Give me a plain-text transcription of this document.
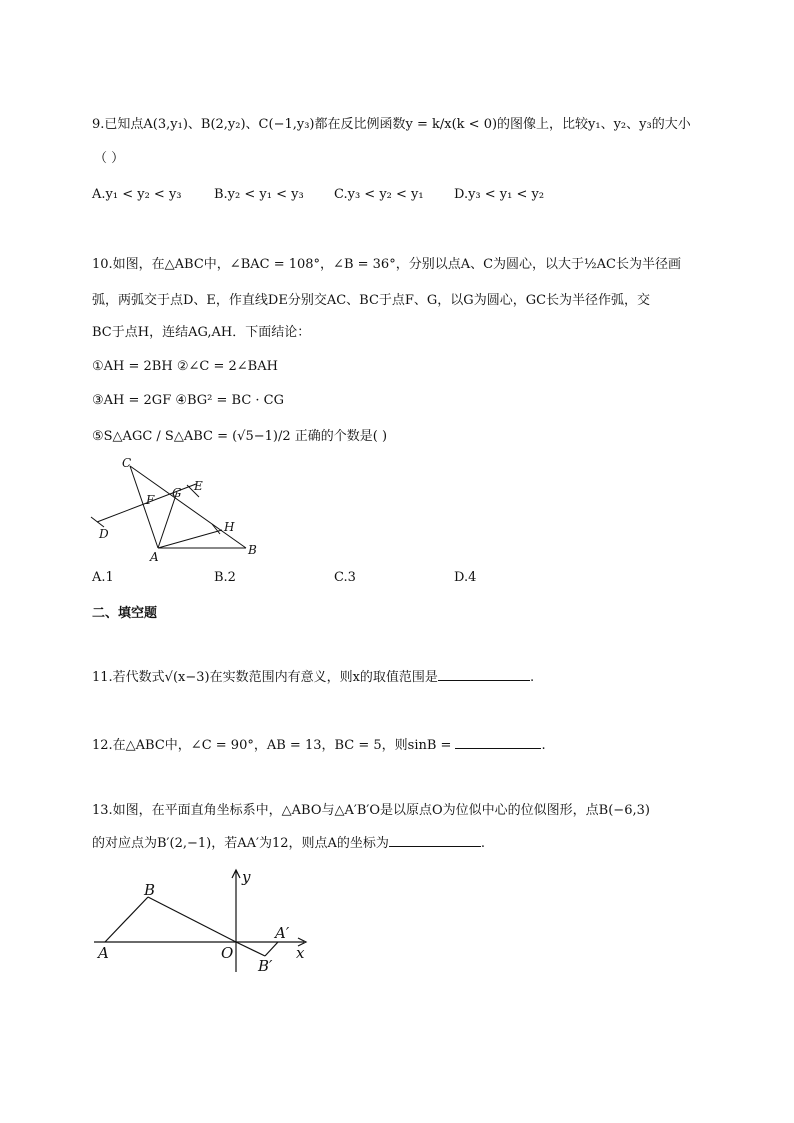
9.已知点A(3,y₁)、B(2,y₂)、C(−1,y₃)都在反比例函数y = k/x(k < 0)的图像上，比较y₁、y₂、y₃的大小
（ ）
A.y₁ < y₂ < y₃ B.y₂ < y₁ < y₃ C.y₃ < y₂ < y₁ D.y₃ < y₁ < y₂
10.如图，在△ABC中，∠BAC = 108°，∠B = 36°，分别以点A、C为圆心，以大于½AC长为半径画
弧，两弧交于点D、E，作直线DE分别交AC、BC于点F、G，以G为圆心，GC长为半径作弧，交
BC于点H，连结AG,AH．下面结论：
①AH = 2BH ②∠C = 2∠BAH
③AH = 2GF ④BG² = BC · CG
⑤S△AGC / S△ABC = (√5−1)/2 正确的个数是( )
C
E
F G
H
D
A	B
A.1	B.2	C.3	D.4
二、填空题
11.若代数式√(x−3)在实数范围内有意义，则x的取值范围是	.
12.在△ABC中，∠C = 90°，AB = 13，BC = 5，则sinB =	.
13.如图，在平面直角坐标系中，△ABO与△A′B′O是以原点O为位似中心的位似图形，点B(−6,3)
的对应点为B′(2,−1)，若AA′为12，则点A的坐标为	.
B
y
A′
A	O
B′
x
